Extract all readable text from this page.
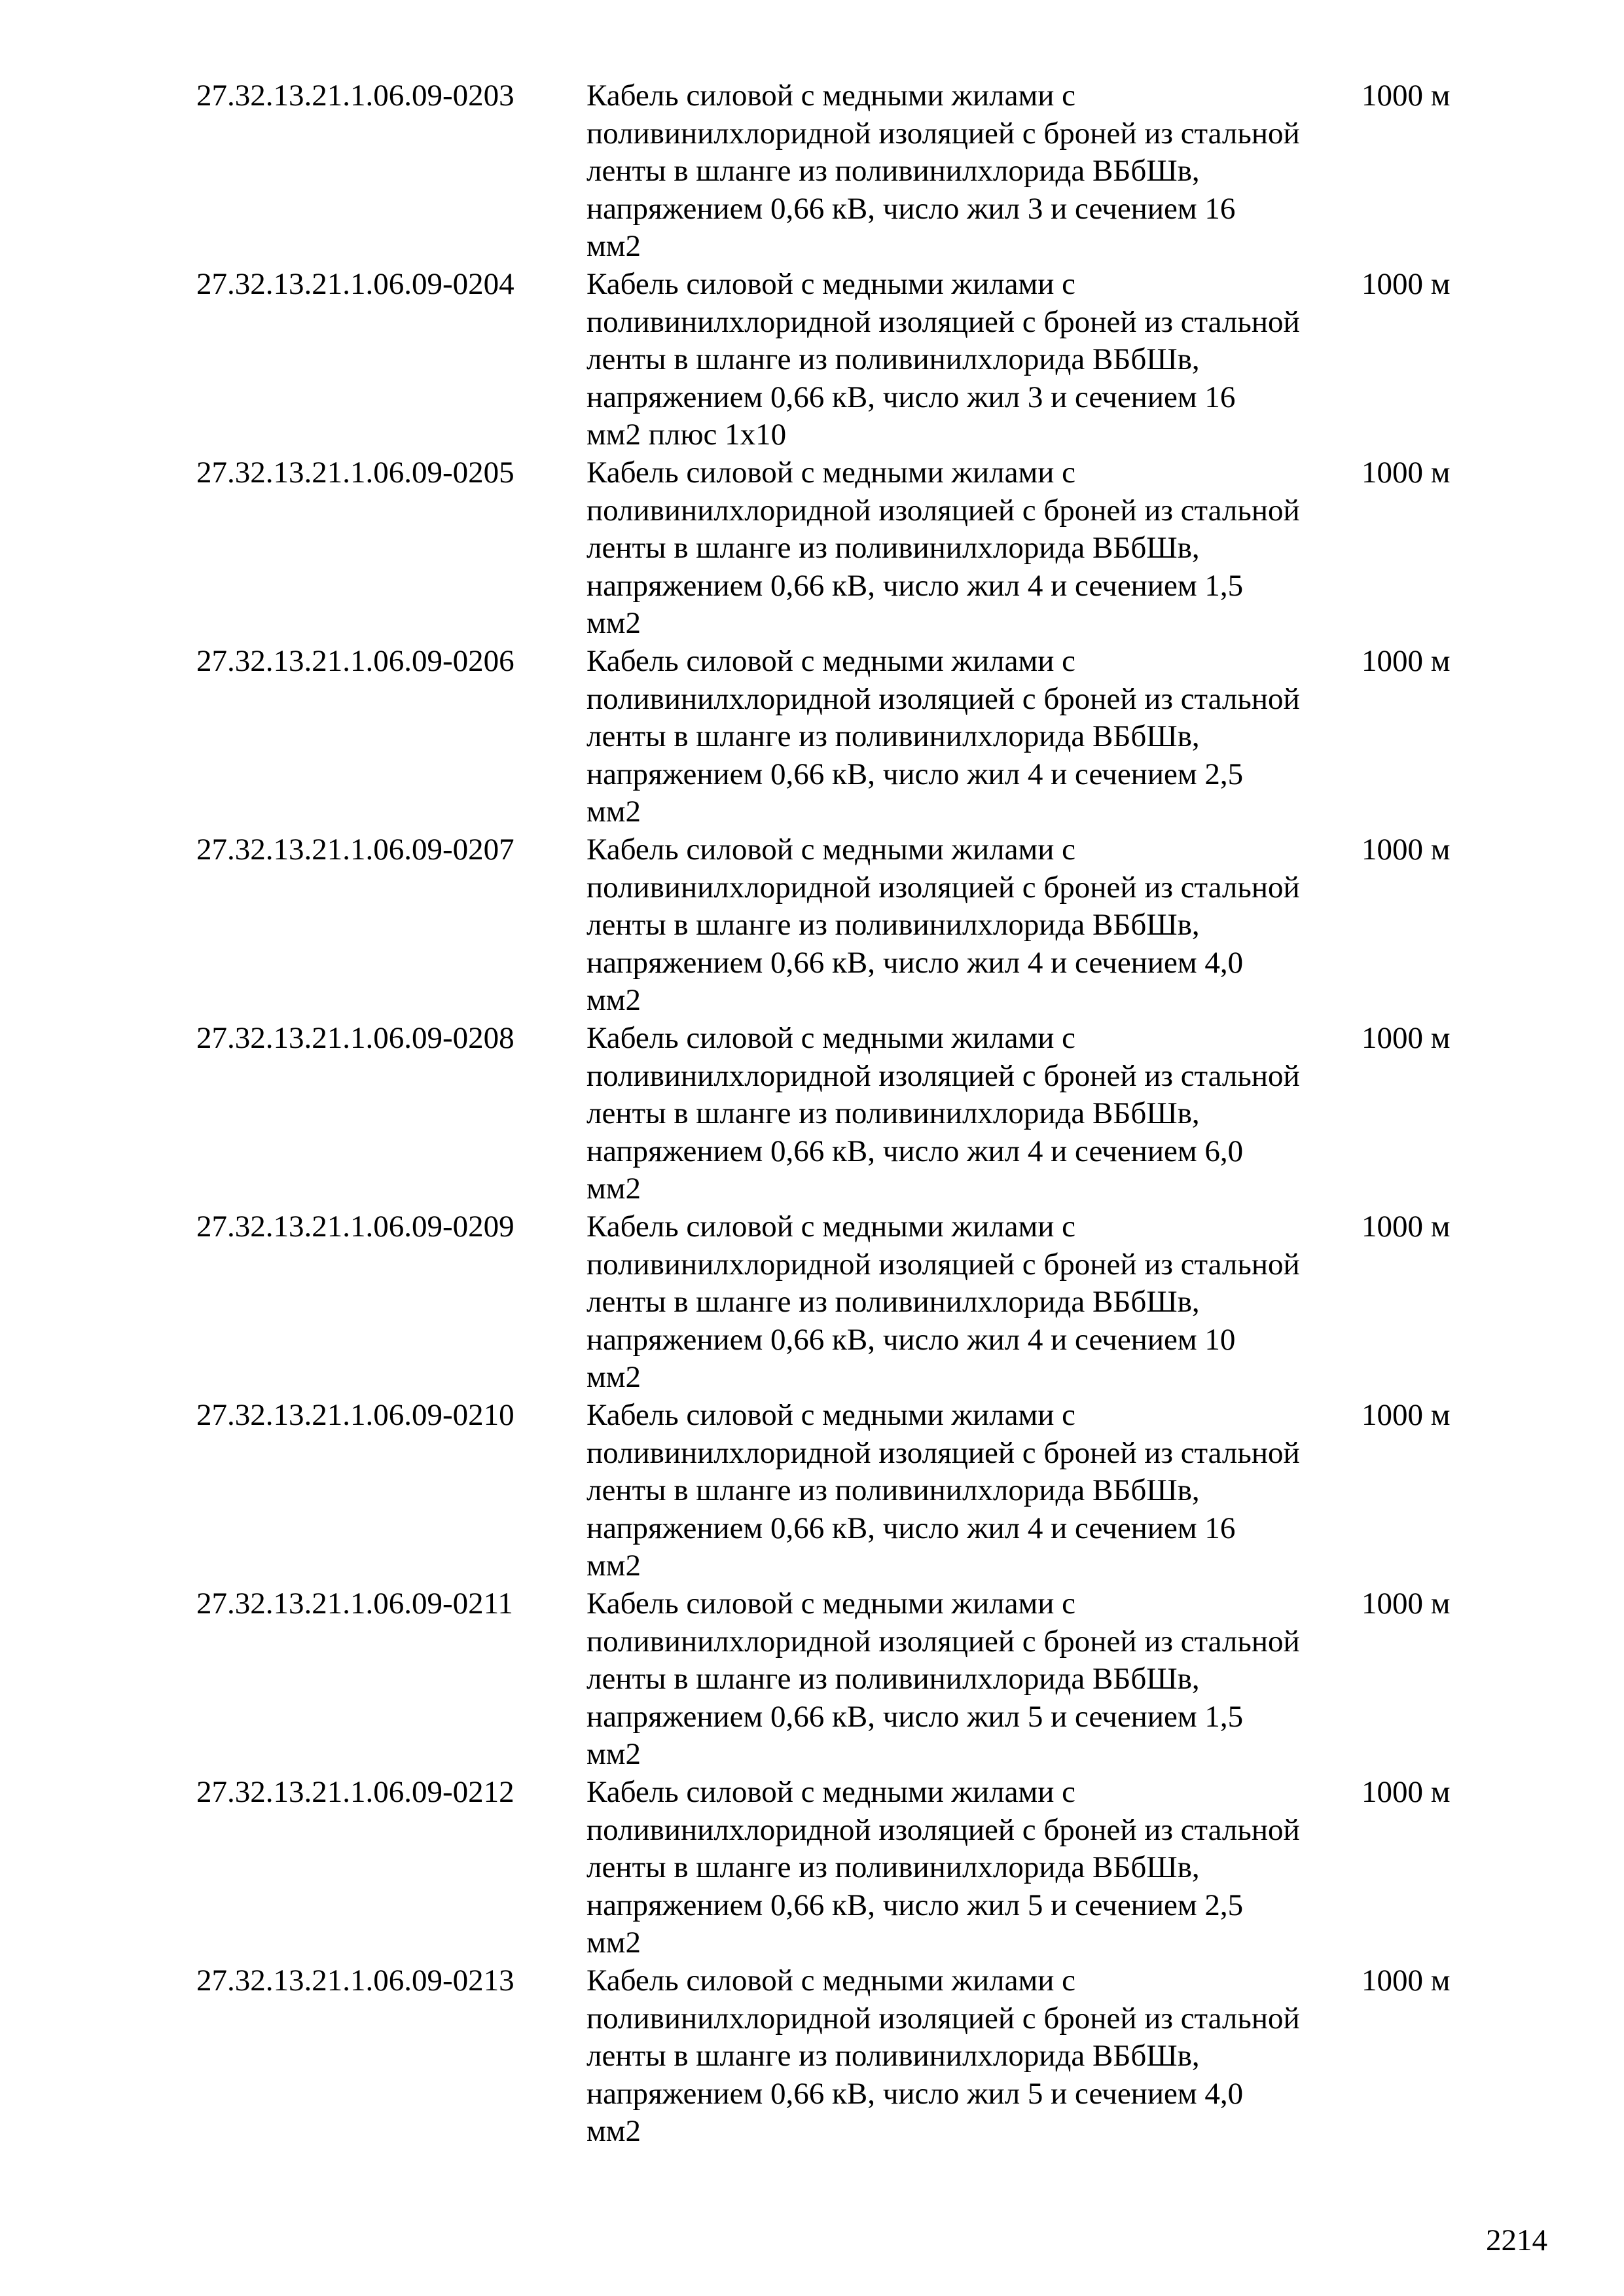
27.32.13.21.1.06.09-0203 Кабель силовой с медными жилами с
поливинилхлоридной изоляцией с броней из стальной
ленты в шланге из поливинилхлорида ВБбШв,
напряжением 0,66 кВ, число жил 3 и сечением 16
мм2
1000 м
27.32.13.21.1.06.09-0204 Кабель силовой с медными жилами с
поливинилхлоридной изоляцией с броней из стальной
ленты в шланге из поливинилхлорида ВБбШв,
напряжением 0,66 кВ, число жил 3 и сечением 16
мм2 плюс 1х10
1000 м
27.32.13.21.1.06.09-0205 Кабель силовой с медными жилами с
поливинилхлоридной изоляцией с броней из стальной
ленты в шланге из поливинилхлорида ВБбШв,
напряжением 0,66 кВ, число жил 4 и сечением 1,5
мм2
1000 м
27.32.13.21.1.06.09-0206 Кабель силовой с медными жилами с
поливинилхлоридной изоляцией с броней из стальной
ленты в шланге из поливинилхлорида ВБбШв,
напряжением 0,66 кВ, число жил 4 и сечением 2,5
мм2
1000 м
27.32.13.21.1.06.09-0207 Кабель силовой с медными жилами с
поливинилхлоридной изоляцией с броней из стальной
ленты в шланге из поливинилхлорида ВБбШв,
напряжением 0,66 кВ, число жил 4 и сечением 4,0
мм2
1000 м
27.32.13.21.1.06.09-0208 Кабель силовой с медными жилами с
поливинилхлоридной изоляцией с броней из стальной
ленты в шланге из поливинилхлорида ВБбШв,
напряжением 0,66 кВ, число жил 4 и сечением 6,0
мм2
1000 м
27.32.13.21.1.06.09-0209 Кабель силовой с медными жилами с
поливинилхлоридной изоляцией с броней из стальной
ленты в шланге из поливинилхлорида ВБбШв,
напряжением 0,66 кВ, число жил 4 и сечением 10
мм2
1000 м
27.32.13.21.1.06.09-0210 Кабель силовой с медными жилами с
поливинилхлоридной изоляцией с броней из стальной
ленты в шланге из поливинилхлорида ВБбШв,
напряжением 0,66 кВ, число жил 4 и сечением 16
мм2
1000 м
27.32.13.21.1.06.09-0211 Кабель силовой с медными жилами с
поливинилхлоридной изоляцией с броней из стальной
ленты в шланге из поливинилхлорида ВБбШв,
напряжением 0,66 кВ, число жил 5 и сечением 1,5
мм2
1000 м
27.32.13.21.1.06.09-0212 Кабель силовой с медными жилами с
поливинилхлоридной изоляцией с броней из стальной
ленты в шланге из поливинилхлорида ВБбШв,
напряжением 0,66 кВ, число жил 5 и сечением 2,5
мм2
1000 м
27.32.13.21.1.06.09-0213 Кабель силовой с медными жилами с
поливинилхлоридной изоляцией с броней из стальной
ленты в шланге из поливинилхлорида ВБбШв,
напряжением 0,66 кВ, число жил 5 и сечением 4,0
мм2
1000 м
2214
